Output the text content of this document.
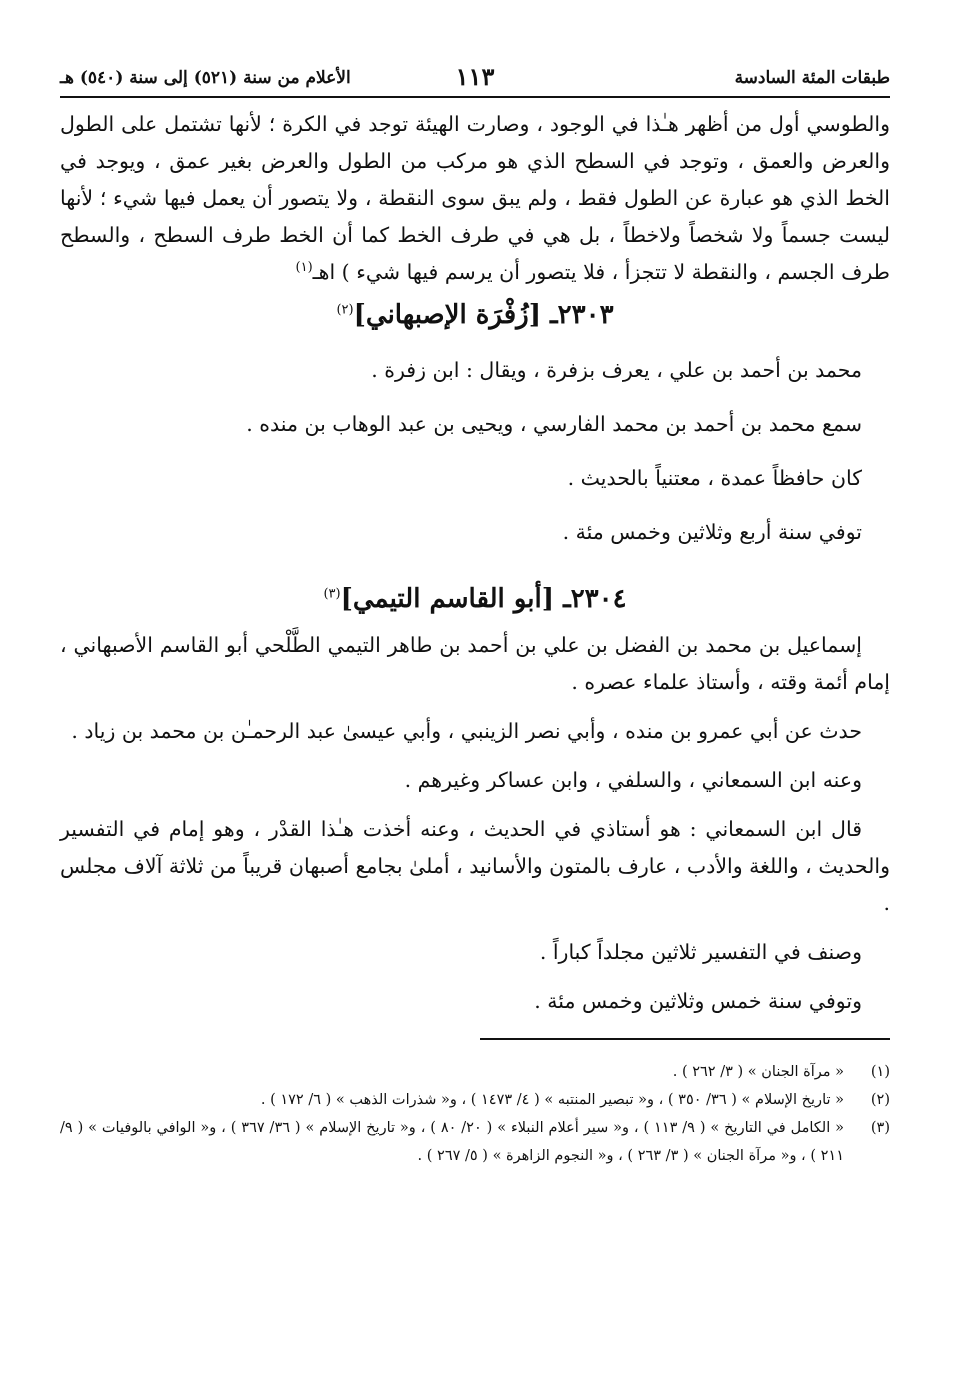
طبقات المئة السادسة
١١٣
الأعلام من سنة (٥٢١) إلى سنة (٥٤٠) هـ

والطوسي أول من أظهر هـٰذا في الوجود ، وصارت الهيئة توجد في الكرة ؛ لأنها تشتمل على الطول والعرض والعمق ، وتوجد في السطح الذي هو مركب من الطول والعرض بغير عمق ، ويوجد في الخط الذي هو عبارة عن الطول فقط ، ولم يبق سوى النقطة ، ولا يتصور أن يعمل فيها شيء ؛ لأنها ليست جسماً ولا شخصاً ولاخطاً ، بل هي في طرف الخط كما أن الخط طرف السطح ، والسطح طرف الجسم ، والنقطة لا تتجزأ ، فلا يتصور أن يرسم فيها شيء ) اهـ$^{(١)}$

٢٣٠٣ـ [زُفْرَة الإصبهاني]$^{(٢)}$

محمد بن أحمد بن علي ، يعرف بزفرة ، ويقال : ابن زفرة .

سمع محمد بن أحمد بن محمد الفارسي ، ويحيى بن عبد الوهاب بن منده .

كان حافظاً عمدة ، معتنياً بالحديث .

توفي سنة أربع وثلاثين وخمس مئة .

٢٣٠٤ـ [أبو القاسم التيمي]$^{(٣)}$

إسماعيل بن محمد بن الفضل بن علي بن أحمد بن طاهر التيمي الطَّلْحي أبو القاسم الأصبهاني ، إمام أئمة وقته ، وأستاذ علماء عصره .

حدث عن أبي عمرو بن منده ، وأبي نصر الزينبي ، وأبي عيسىٰ عبد الرحمـٰن بن محمد بن زياد .

وعنه ابن السمعاني ، والسلفي ، وابن عساكر وغيرهم .

قال ابن السمعاني : هو أستاذي في الحديث ، وعنه أخذت هـٰذا القدْر ، وهو إمام في التفسير والحديث ، واللغة والأدب ، عارف بالمتون والأسانيد ، أملىٰ بجامع أصبهان قريباً من ثلاثة آلاف مجلس .

وصنف في التفسير ثلاثين مجلداً كباراً .

وتوفي سنة خمس وثلاثين وخمس مئة .

(١)
« مرآة الجنان » ( ٣/ ٢٦٢ ) .
(٢)
« تاريخ الإسلام » ( ٣٦/ ٣٥٠ ) ، و« تبصير المنتبه » ( ٤/ ١٤٧٣ ) ، و« شذرات الذهب » ( ٦/ ١٧٢ ) .
(٣)
« الكامل في التاريخ » ( ٩/ ١١٣ ) ، و« سير أعلام النبلاء » ( ٢٠/ ٨٠ ) ، و« تاريخ الإسلام » ( ٣٦/ ٣٦٧ ) ، و« الوافي بالوفيات » ( ٩/ ٢١١ ) ، و« مرآة الجنان » ( ٣/ ٢٦٣ ) ، و« النجوم الزاهرة » ( ٥/ ٢٦٧ ) .
